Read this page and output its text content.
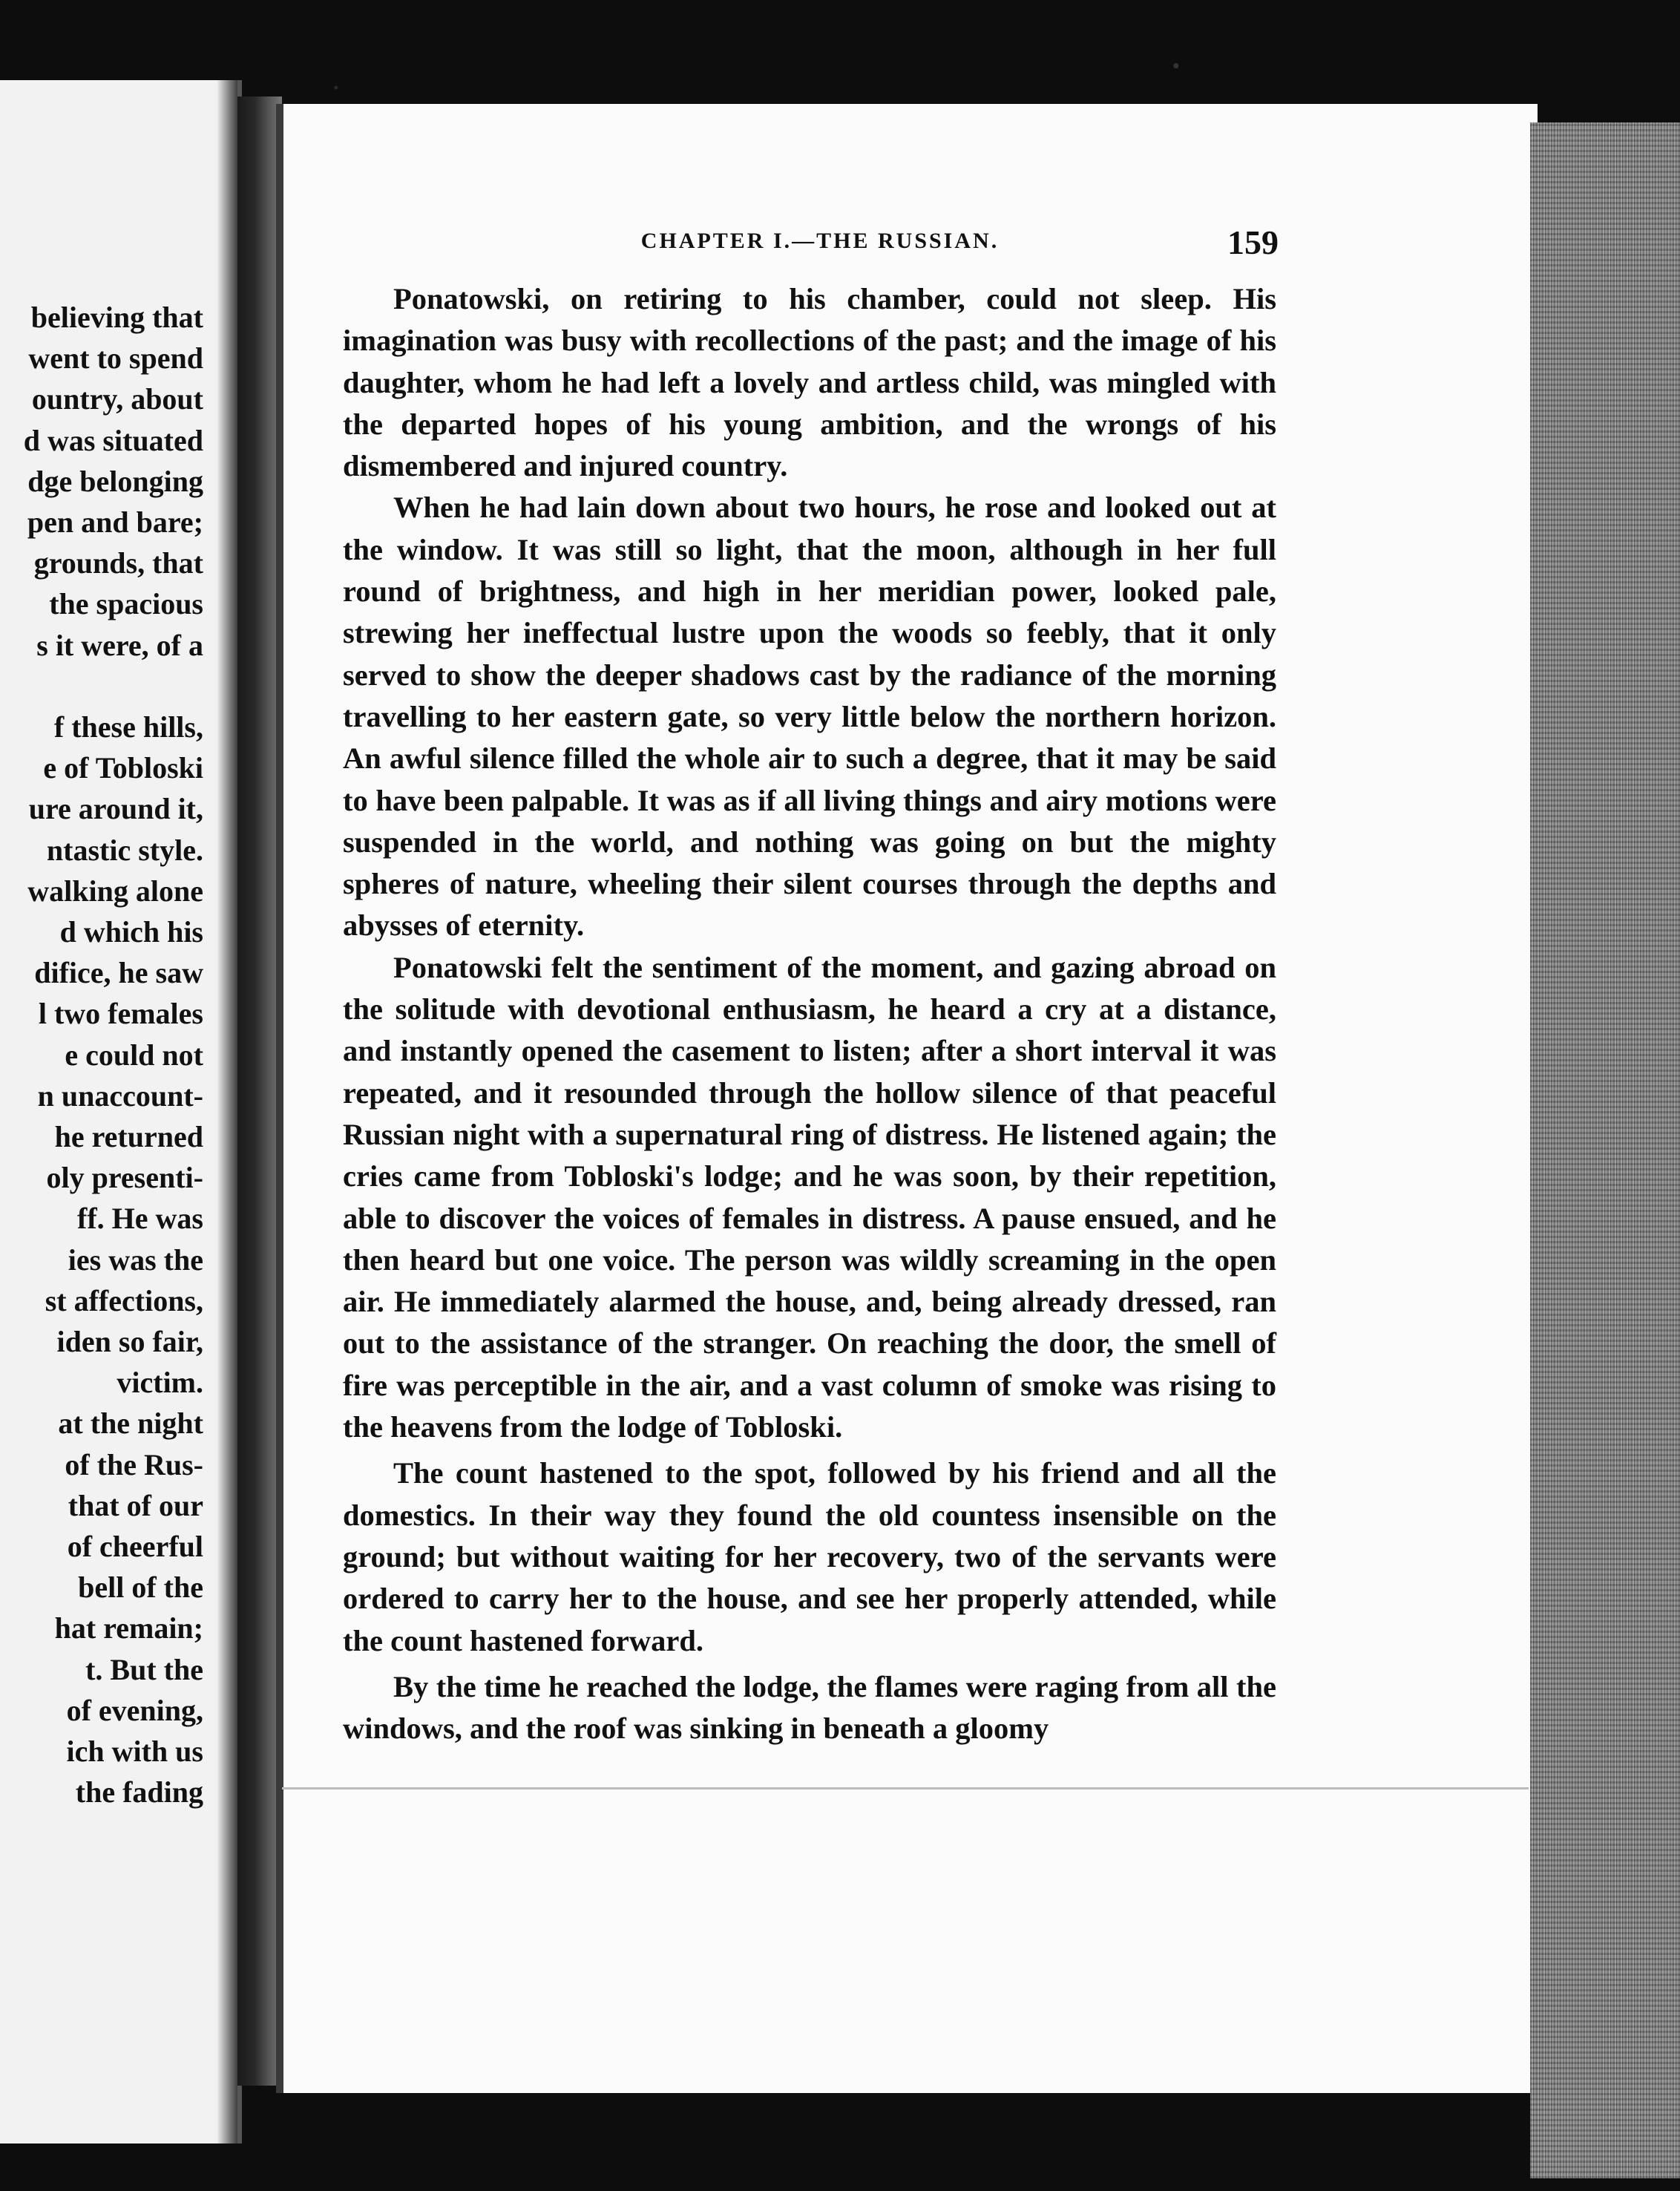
believing that
went to spend
ountry, about
d was situated
dge belonging
pen and bare;
grounds, that
the spacious
s it were, of a
f these hills,
e of Tobloski
ure around it,
ntastic style.
walking alone
d which his
difice, he saw
l two females
e could not
n unaccount-
he returned
oly presenti-
ff. He was
ies was the
st affections,
iden so fair,
victim.
at the night
of the Rus-
that of our
of cheerful
bell of the
hat remain;
t. But the
of evening,
ich with us
the fading
CHAPTER I.—THE RUSSIAN.	159

Ponatowski, on retiring to his chamber, could not sleep. His imagination was busy with recollections of the past; and the image of his daughter, whom he had left a lovely and artless child, was mingled with the departed hopes of his young ambition, and the wrongs of his dismembered and injured country.

When he had lain down about two hours, he rose and looked out at the window. It was still so light, that the moon, although in her full round of brightness, and high in her meridian power, looked pale, strewing her ineffectual lustre upon the woods so feebly, that it only served to show the deeper shadows cast by the radiance of the morning travelling to her eastern gate, so very little below the northern horizon. An awful silence filled the whole air to such a degree, that it may be said to have been palpable. It was as if all living things and airy motions were suspended in the world, and nothing was going on but the mighty spheres of nature, wheeling their silent courses through the depths and abysses of eternity.

Ponatowski felt the sentiment of the moment, and gazing abroad on the solitude with devotional enthusiasm, he heard a cry at a distance, and instantly opened the casement to listen; after a short interval it was repeated, and it resounded through the hollow silence of that peaceful Russian night with a supernatural ring of distress. He listened again; the cries came from Tobloski's lodge; and he was soon, by their repetition, able to discover the voices of females in distress. A pause ensued, and he then heard but one voice. The person was wildly screaming in the open air. He immediately alarmed the house, and, being already dressed, ran out to the assistance of the stranger. On reaching the door, the smell of fire was perceptible in the air, and a vast column of smoke was rising to the heavens from the lodge of Tobloski.

The count hastened to the spot, followed by his friend and all the domestics. In their way they found the old countess insensible on the ground; but without waiting for her recovery, two of the servants were ordered to carry her to the house, and see her properly attended, while the count hastened forward.

By the time he reached the lodge, the flames were raging from all the windows, and the roof was sinking in beneath a gloomy
